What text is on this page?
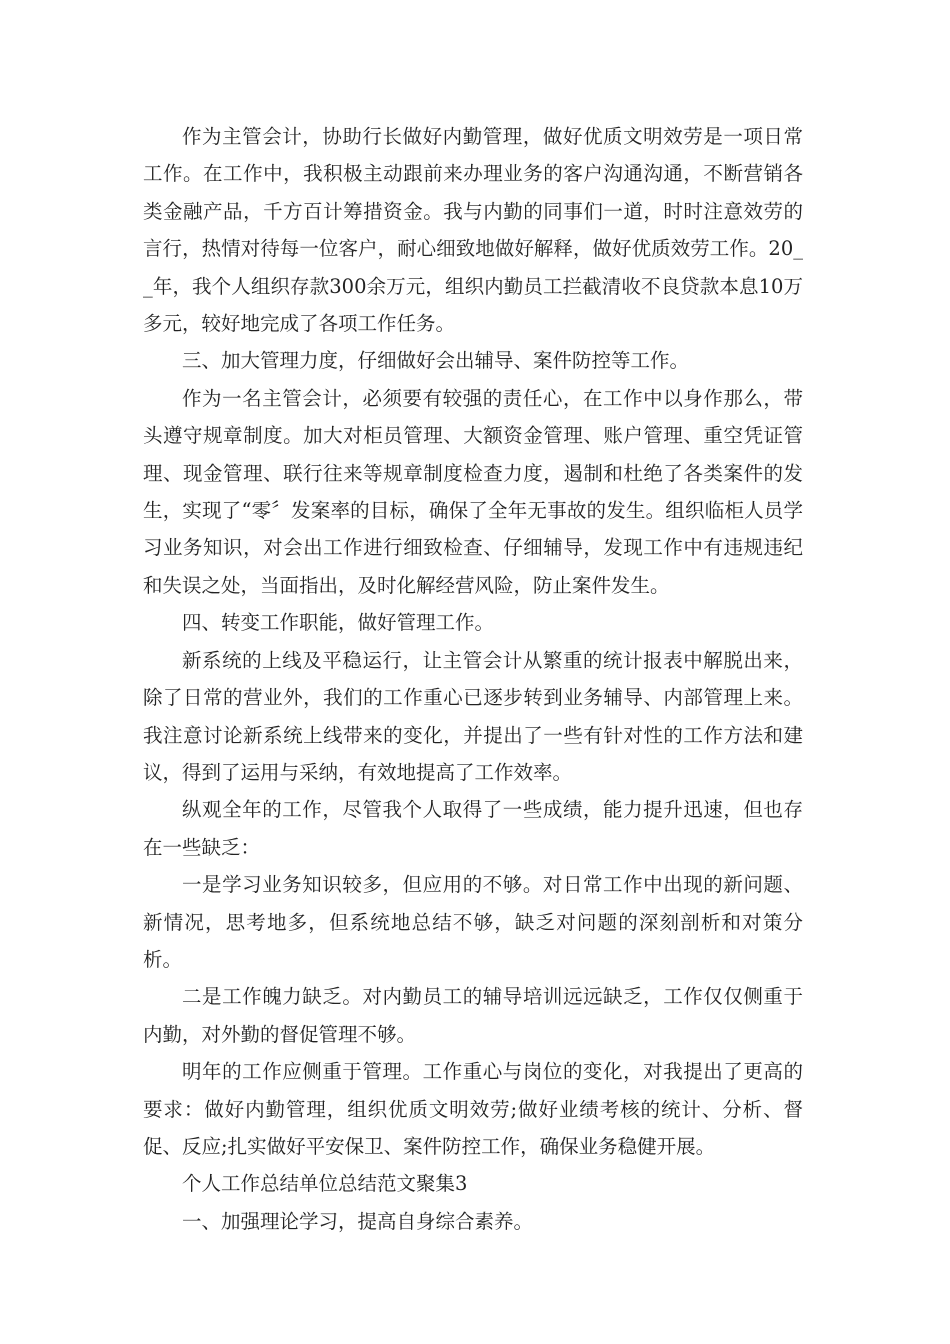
作为主管会计，协助行长做好内勤管理，做好优质文明效劳是一项日常工作。在工作中，我积极主动跟前来办理业务的客户沟通沟通，不断营销各类金融产品，千方百计筹措资金。我与内勤的同事们一道，时时注意效劳的言行，热情对待每一位客户，耐心细致地做好解释，做好优质效劳工作。20__年，我个人组织存款300余万元，组织内勤员工拦截清收不良贷款本息10万多元，较好地完成了各项工作任务。

三、加大管理力度，仔细做好会出辅导、案件防控等工作。

作为一名主管会计，必须要有较强的责任心，在工作中以身作那么，带头遵守规章制度。加大对柜员管理、大额资金管理、账户管理、重空凭证管理、现金管理、联行往来等规章制度检查力度，遏制和杜绝了各类案件的发生，实现了“零〞发案率的目标，确保了全年无事故的发生。组织临柜人员学习业务知识，对会出工作进行细致检查、仔细辅导，发现工作中有违规违纪和失误之处，当面指出，及时化解经营风险，防止案件发生。

四、转变工作职能，做好管理工作。

新系统的上线及平稳运行，让主管会计从繁重的统计报表中解脱出来，除了日常的营业外，我们的工作重心已逐步转到业务辅导、内部管理上来。我注意讨论新系统上线带来的变化，并提出了一些有针对性的工作方法和建议，得到了运用与采纳，有效地提高了工作效率。

纵观全年的工作，尽管我个人取得了一些成绩，能力提升迅速，但也存在一些缺乏：

一是学习业务知识较多，但应用的不够。对日常工作中出现的新问题、新情况，思考地多，但系统地总结不够，缺乏对问题的深刻剖析和对策分析。

二是工作魄力缺乏。对内勤员工的辅导培训远远缺乏，工作仅仅侧重于内勤，对外勤的督促管理不够。

明年的工作应侧重于管理。工作重心与岗位的变化，对我提出了更高的要求：做好内勤管理，组织优质文明效劳;做好业绩考核的统计、分析、督促、反应;扎实做好平安保卫、案件防控工作，确保业务稳健开展。

个人工作总结单位总结范文聚集3

一、加强理论学习，提高自身综合素养。
